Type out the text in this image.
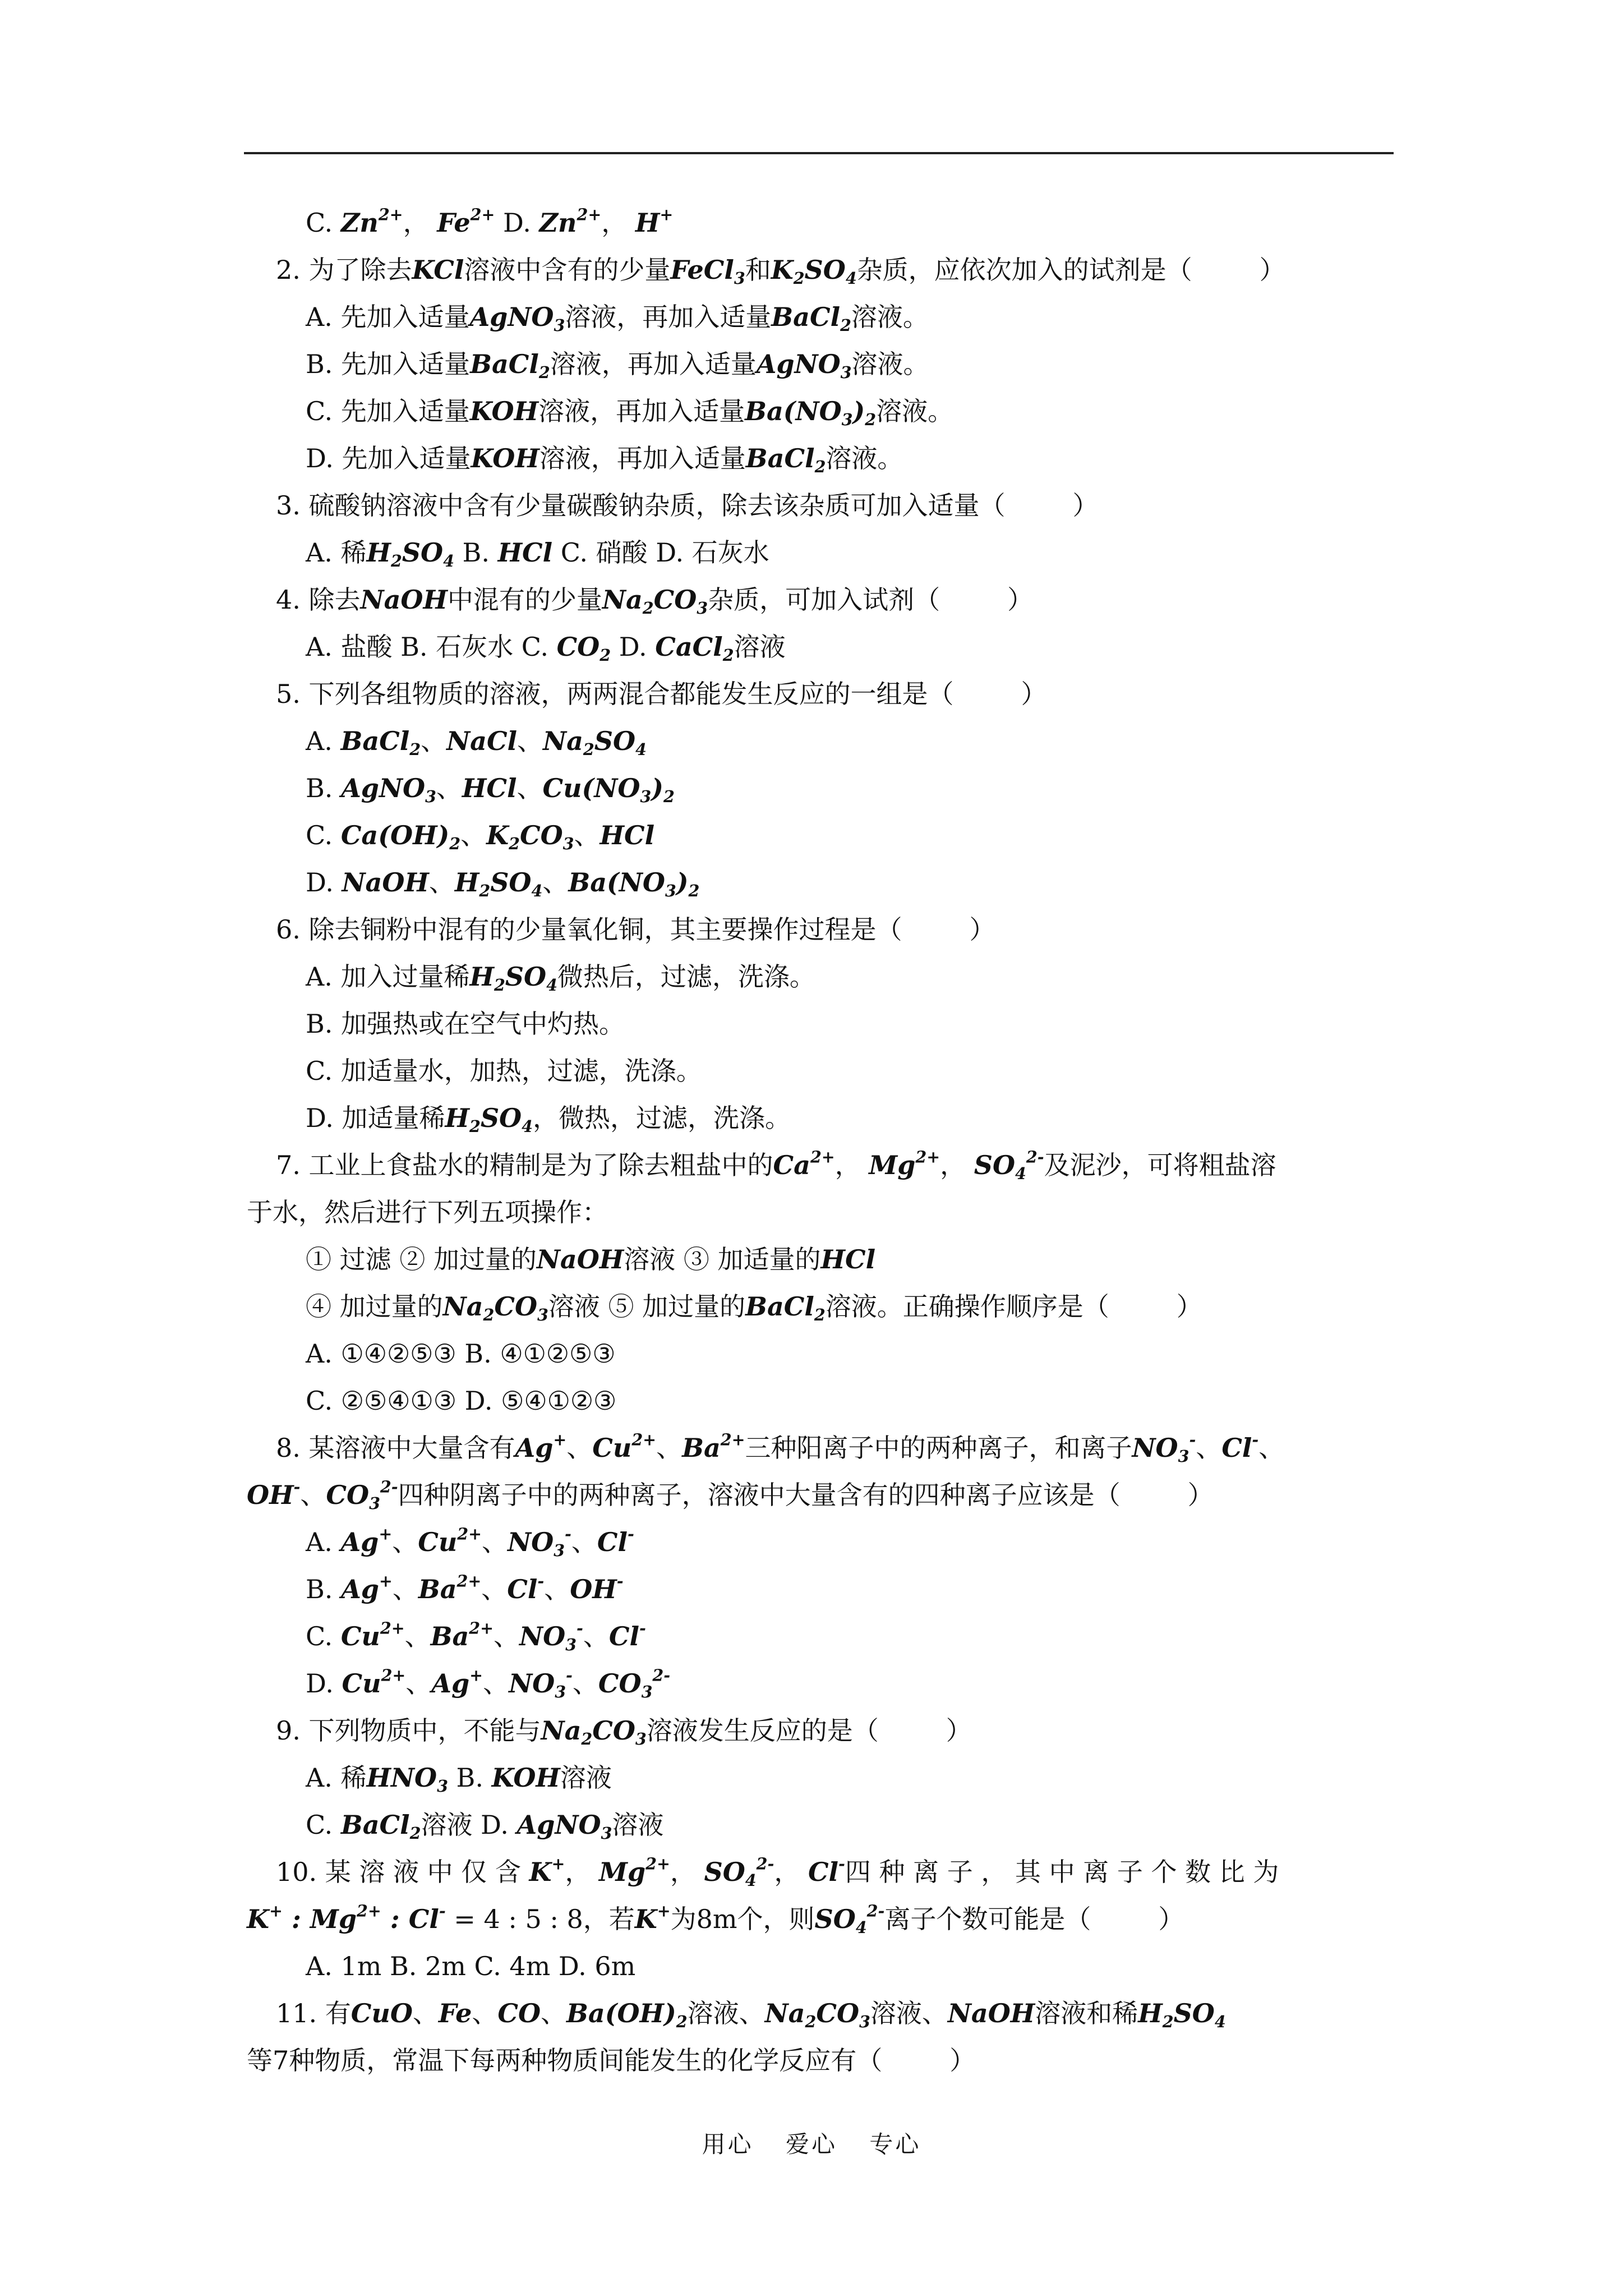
C. $Zn^{2+}$， $Fe^{2+}$ D. $Zn^{2+}$， H+
2. 为了除去KCl溶液中含有的少量FeCl$_3$和$K_2SO_4$杂质，应依次加入的试剂是（	）
A. 先加入适量AgNO$_3$溶液，再加入适量BaCl$_2$溶液。
B. 先加入适量BaCl$_2$溶液，再加入适量AgNO$_3$溶液。
C. 先加入适量KOH溶液，再加入适量$Ba(NO_3)_2$溶液。
D. 先加入适量KOH溶液，再加入适量BaCl$_2$溶液。
3. 硫酸钠溶液中含有少量碳酸钠杂质，除去该杂质可加入适量（	）
A. 稀$H_2SO_4$ B. HCl C. 硝酸 D. 石灰水
4. 除去NaOH中混有的少量$Na_2CO_3$杂质，可加入试剂（	）
A. 盐酸 B. 石灰水 C. $CO_2$ D. CaCl$_2$溶液
5. 下列各组物质的溶液，两两混合都能发生反应的一组是（	）
A. BaCl$_2$、NaCl、$Na_2SO_4$
B. AgNO$_3$、HCl、$Cu(NO_3)_2$
C. $Ca(OH)_2$、$K_2CO_3$、HCl
D. NaOH、$H_2SO_4$、$Ba(NO_3)_2$
6. 除去铜粉中混有的少量氧化铜，其主要操作过程是（	）
A. 加入过量稀$H_2SO_4$微热后，过滤，洗涤。
B. 加强热或在空气中灼热。
C. 加适量水，加热，过滤，洗涤。
D. 加适量稀$H_2SO_4$，微热，过滤，洗涤。
7. 工业上食盐水的精制是为了除去粗盐中的$Ca^{2+}$， $Mg^{2+}$， $SO_4^{2-}$及泥沙，可将粗盐溶
于水，然后进行下列五项操作：
① 过滤 ② 加过量的NaOH溶液 ③ 加适量的HCl
④ 加过量的$Na_2CO_3$溶液 ⑤ 加过量的BaCl$_2$溶液。正确操作顺序是（	）
A. ①④②⑤③ B. ④①②⑤③
C. ②⑤④①③ D. ⑤④①②③
8. 某溶液中大量含有Ag+、$Cu^{2+}$、$Ba^{2+}$三种阳离子中的两种离子，和离子$NO_3^-$、Cl-、
OH-、$CO_3^{2-}$四种阴离子中的两种离子，溶液中大量含有的四种离子应该是（	）
A. Ag+、$Cu^{2+}$、$NO_3^-$、Cl-
B. Ag+、$Ba^{2+}$、Cl-、OH-
C. $Cu^{2+}$、$Ba^{2+}$、$NO_3^-$、Cl-
D. $Cu^{2+}$、Ag+、$NO_3^-$、$CO_3^{2-}$
9. 下列物质中，不能与$Na_2CO_3$溶液发生反应的是（	）
A. 稀$HNO_3$ B. KOH溶液
C. BaCl$_2$溶液 D. AgNO$_3$溶液
10. 某 溶 液 中 仅 含 K+， $Mg^{2+}$， $SO_4^{2-}$， Cl-四 种 离 子 ， 其 中 离 子 个 数 比 为
K+ : $Mg^{2+}$ : Cl- = 4 : 5 : 8，若K+为8m个，则$SO_4^{2-}$离子个数可能是（	）
A. 1m B. 2m C. 4m D. 6m
11. 有CuO、Fe、CO、$Ba(OH)_2$溶液、$Na_2CO_3$溶液、NaOH溶液和稀$H_2SO_4$
等7种物质，常温下每两种物质间能发生的化学反应有（	）
用心 爱心 专心
